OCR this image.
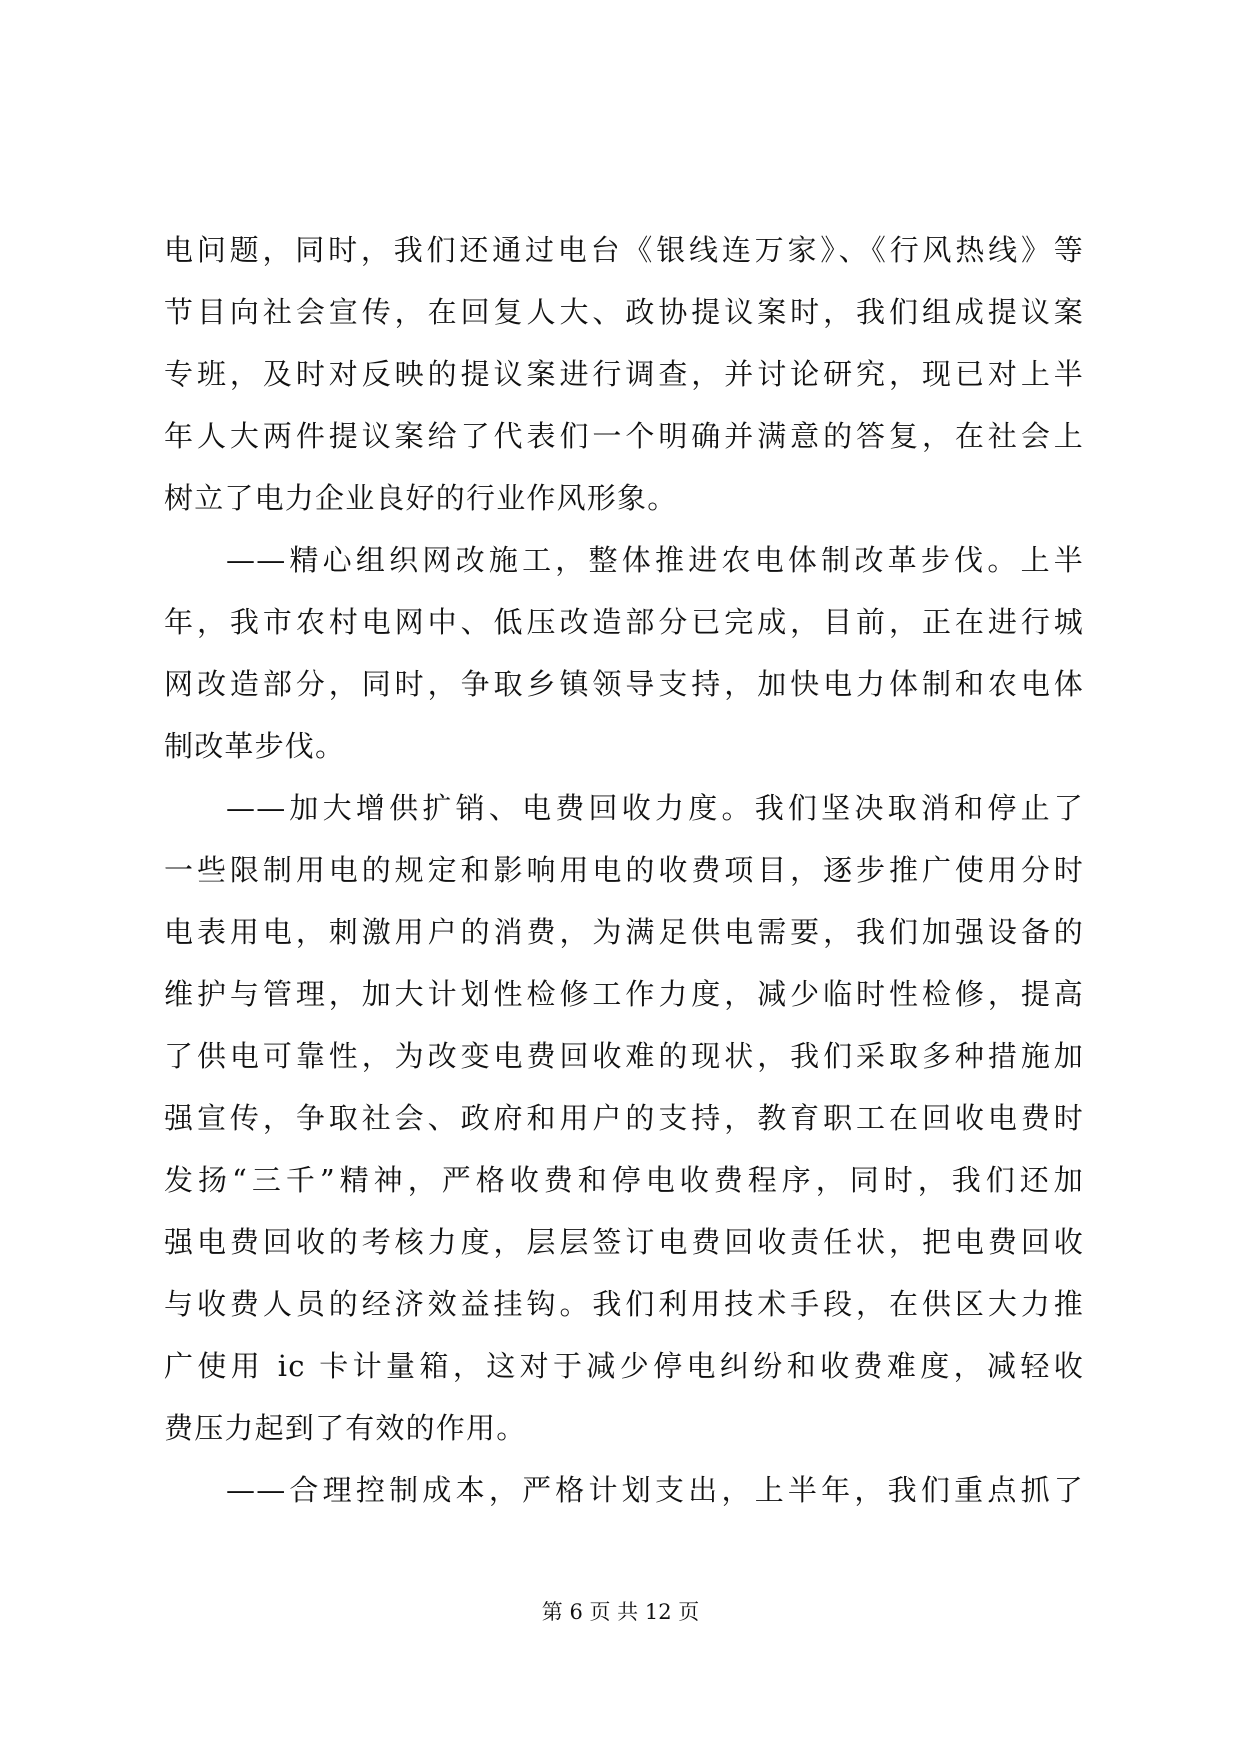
电问题，同时，我们还通过电台《银线连万家》、《行风热线》等
节目向社会宣传，在回复人大、政协提议案时，我们组成提议案
专班，及时对反映的提议案进行调查，并讨论研究，现已对上半
年人大两件提议案给了代表们一个明确并满意的答复，在社会上
树立了电力企业良好的行业作风形象。
——精心组织网改施工，整体推进农电体制改革步伐。上半
年，我市农村电网中、低压改造部分已完成，目前，正在进行城
网改造部分，同时，争取乡镇领导支持，加快电力体制和农电体
制改革步伐。
——加大增供扩销、电费回收力度。我们坚决取消和停止了
一些限制用电的规定和影响用电的收费项目，逐步推广使用分时
电表用电，刺激用户的消费，为满足供电需要，我们加强设备的
维护与管理，加大计划性检修工作力度，减少临时性检修，提高
了供电可靠性，为改变电费回收难的现状，我们采取多种措施加
强宣传，争取社会、政府和用户的支持，教育职工在回收电费时
发扬“三千”精神，严格收费和停电收费程序，同时，我们还加
强电费回收的考核力度，层层签订电费回收责任状，把电费回收
与收费人员的经济效益挂钩。我们利用技术手段，在供区大力推
广使用 ic 卡计量箱，这对于减少停电纠纷和收费难度，减轻收
费压力起到了有效的作用。
——合理控制成本，严格计划支出，上半年，我们重点抓了
第 6 页 共 12 页
